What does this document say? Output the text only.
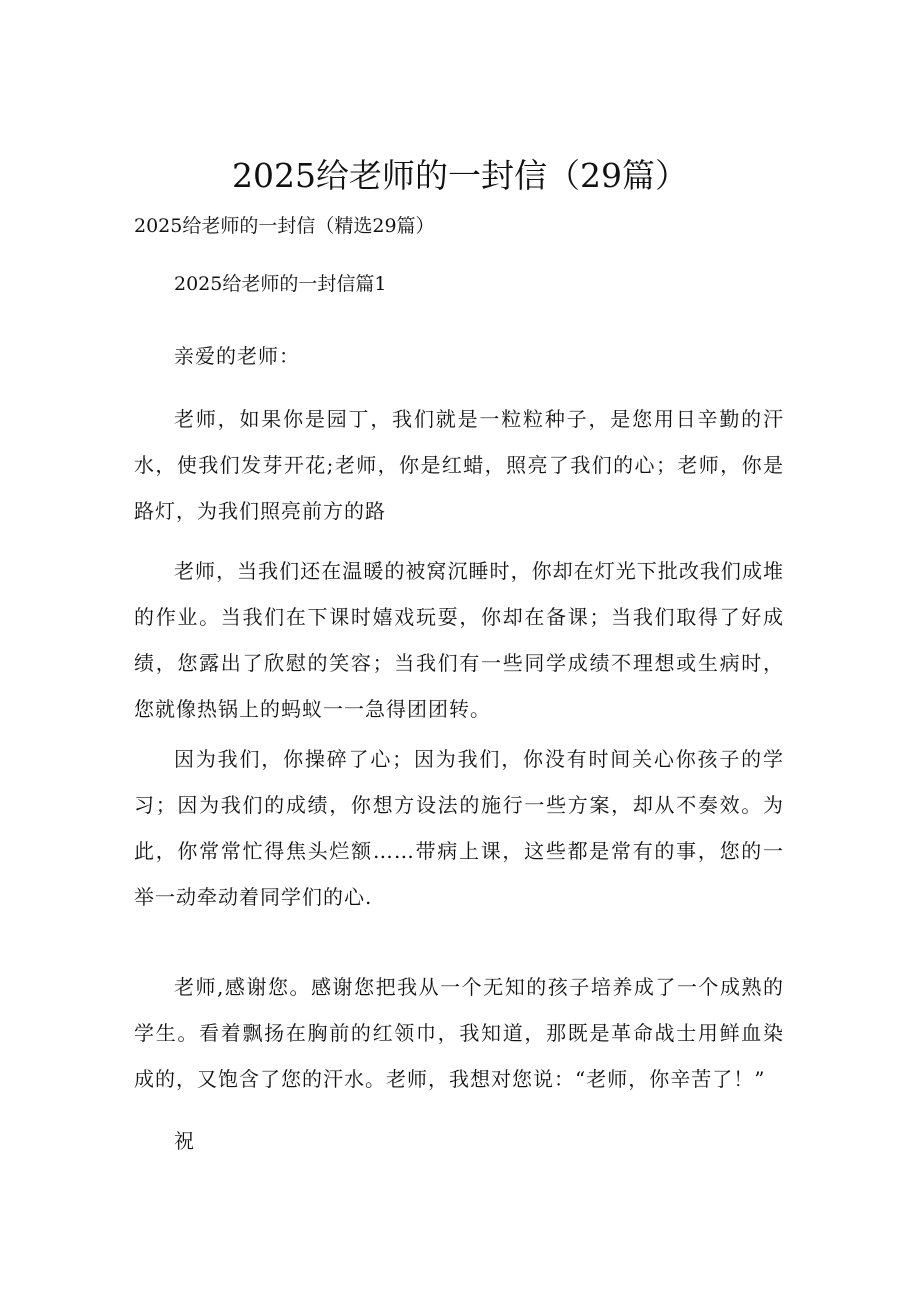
2025给老师的一封信（29篇）
2025给老师的一封信（精选29篇）
2025给老师的一封信篇1

亲爱的老师：

老师，如果你是园丁，我们就是一粒粒种子，是您用日辛勤的汗水，使我们发芽开花;老师，你是红蜡，照亮了我们的心；老师，你是路灯，为我们照亮前方的路

老师，当我们还在温暖的被窝沉睡时，你却在灯光下批改我们成堆的作业。当我们在下课时嬉戏玩耍，你却在备课；当我们取得了好成绩，您露出了欣慰的笑容；当我们有一些同学成绩不理想或生病时，您就像热锅上的蚂蚁一一急得团团转。

因为我们，你操碎了心；因为我们，你没有时间关心你孩子的学习；因为我们的成绩，你想方设法的施行一些方案，却从不奏效。为此，你常常忙得焦头烂额……带病上课，这些都是常有的事，您的一举一动牵动着同学们的心.

老师,感谢您。感谢您把我从一个无知的孩子培养成了一个成熟的学生。看着飘扬在胸前的红领巾，我知道，那既是革命战士用鲜血染成的，又饱含了您的汗水。老师，我想对您说：“老师，你辛苦了！”

祝
